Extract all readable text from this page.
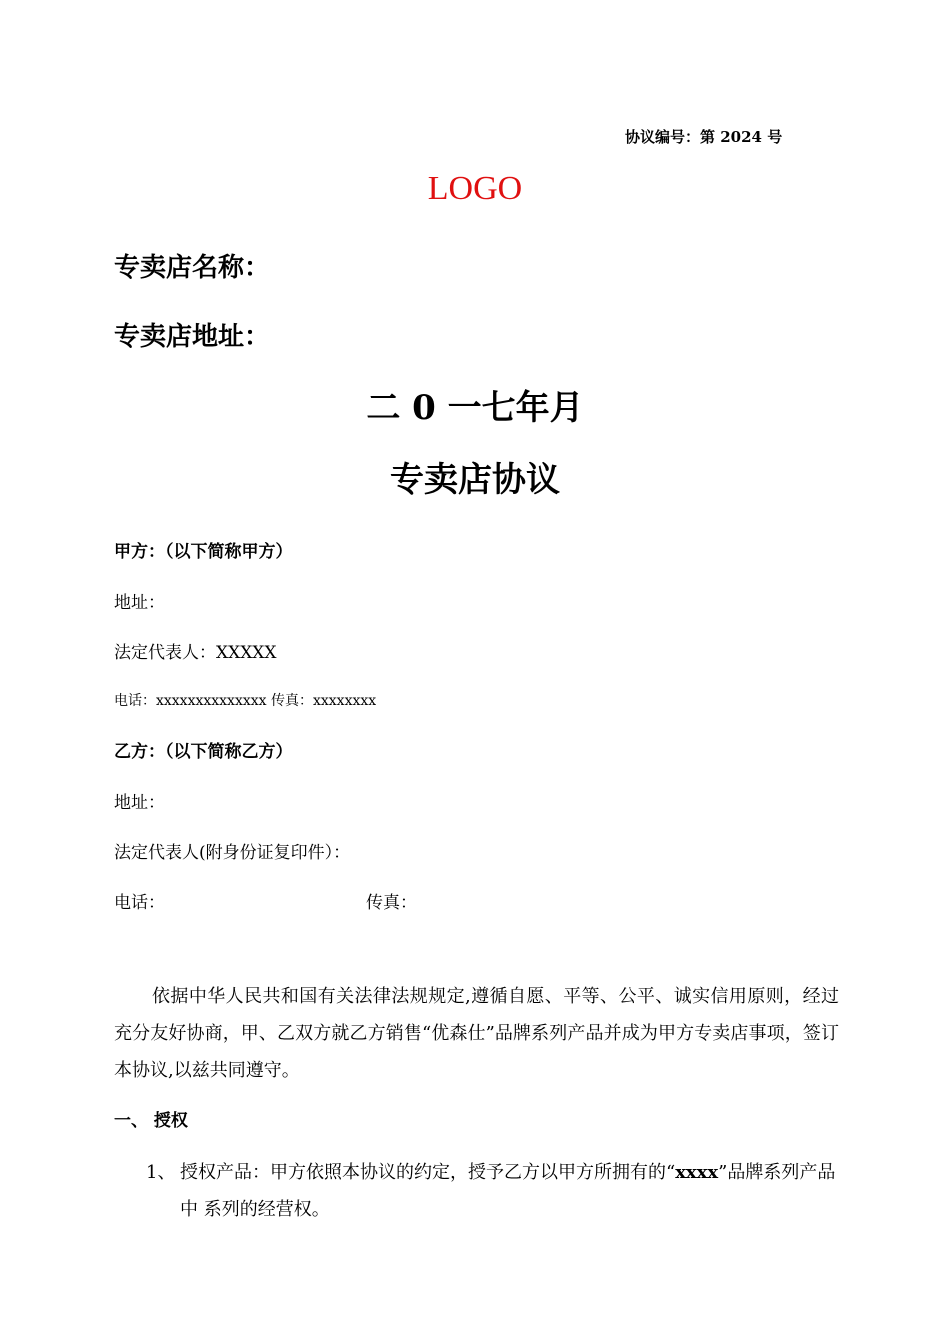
协议编号：第 2024 号
LOGO
专卖店名称：
专卖店地址：
二 0 一七年月
专卖店协议
甲方：（以下简称甲方）
地址：
法定代表人：XXXXX
电话：xxxxxxxxxxxxxx 传真：xxxxxxxx
乙方：（以下简称乙方）
地址：
法定代表人(附身份证复印件）：
电话：	传真：
依据中华人民共和国有关法律法规规定,遵循自愿、平等、公平、诚实信用原则，经过充分友好协商，甲、乙双方就乙方销售“优森仕”品牌系列产品并成为甲方专卖店事项，签订本协议,以兹共同遵守。
一、 授权
1、 授权产品：甲方依照本协议的约定，授予乙方以甲方所拥有的“xxxx”品牌系列产品中 系列的经营权。
